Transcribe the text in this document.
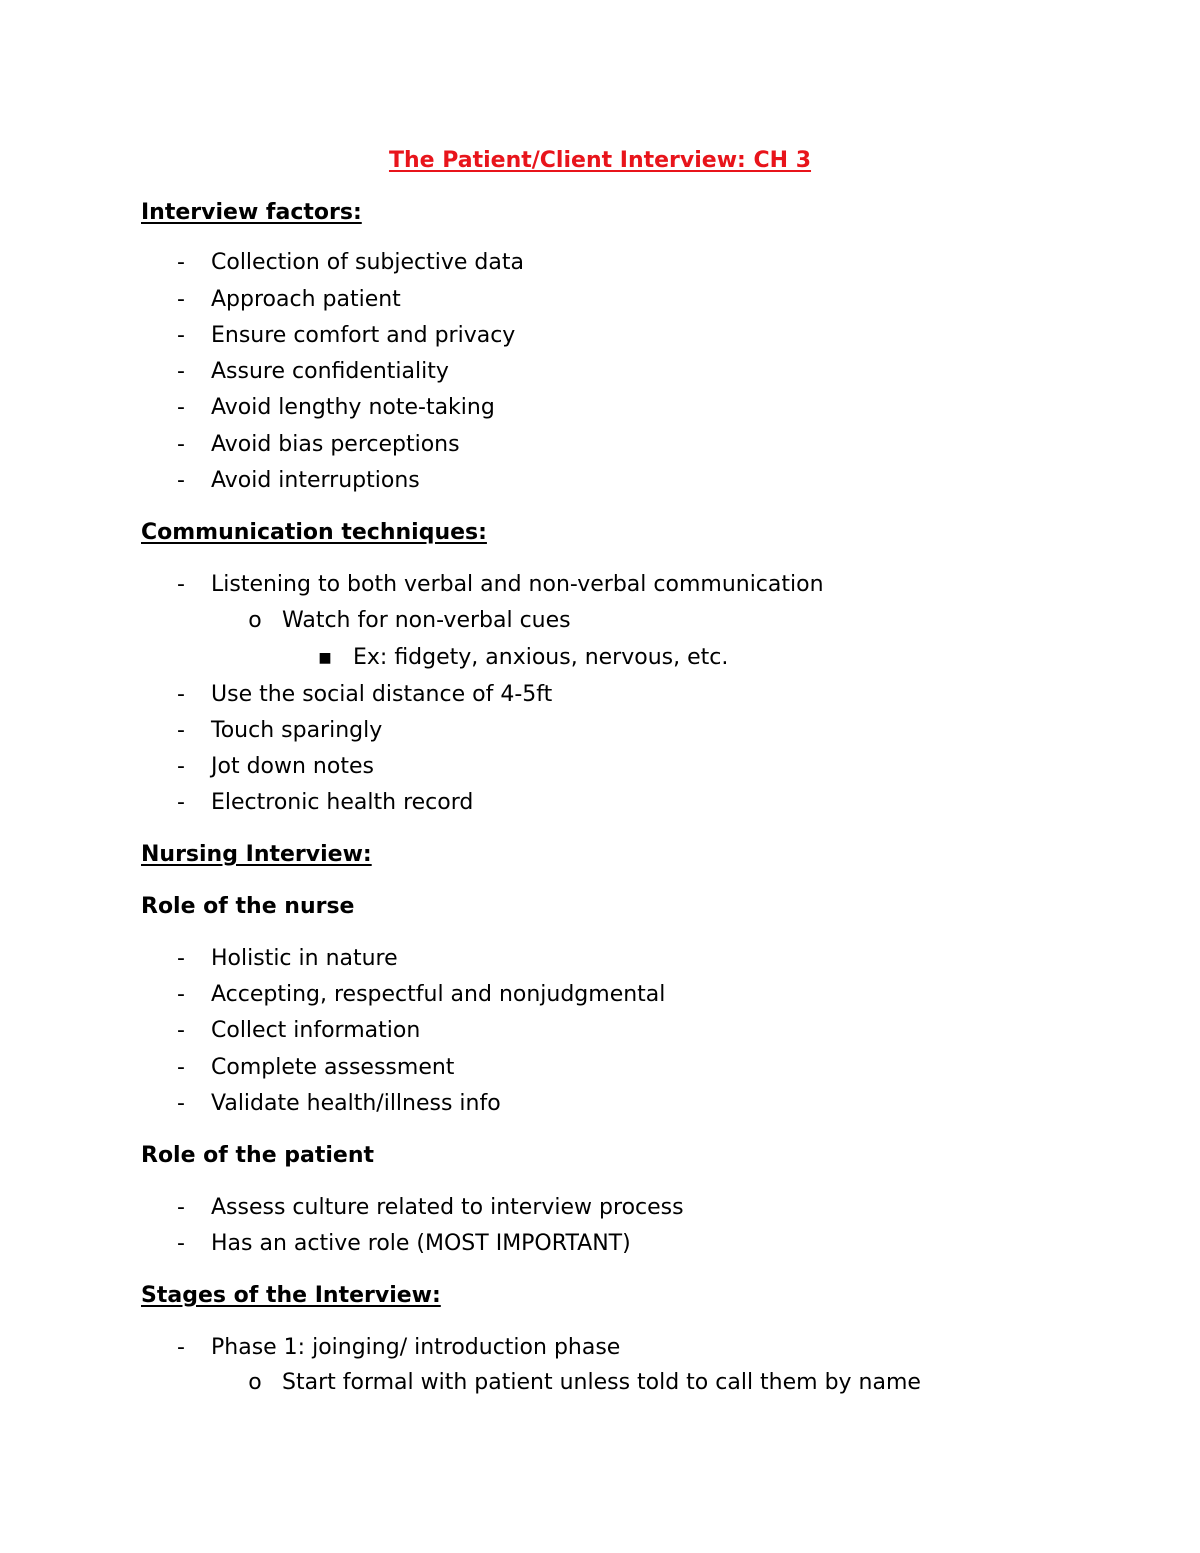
The Patient/Client Interview: CH 3
Interview factors:
- Collection of subjective data
- Approach patient
- Ensure comfort and privacy
- Assure confidentiality
- Avoid lengthy note-taking
- Avoid bias perceptions
- Avoid interruptions
Communication techniques:
- Listening to both verbal and non-verbal communication
o Watch for non-verbal cues
■ Ex: fidgety, anxious, nervous, etc.
- Use the social distance of 4-5ft
- Touch sparingly
- Jot down notes
- Electronic health record
Nursing Interview:
Role of the nurse
- Holistic in nature
- Accepting, respectful and nonjudgmental
- Collect information
- Complete assessment
- Validate health/illness info
Role of the patient
- Assess culture related to interview process
- Has an active role (MOST IMPORTANT)
Stages of the Interview:
- Phase 1: joinging/ introduction phase
o Start formal with patient unless told to call them by name
